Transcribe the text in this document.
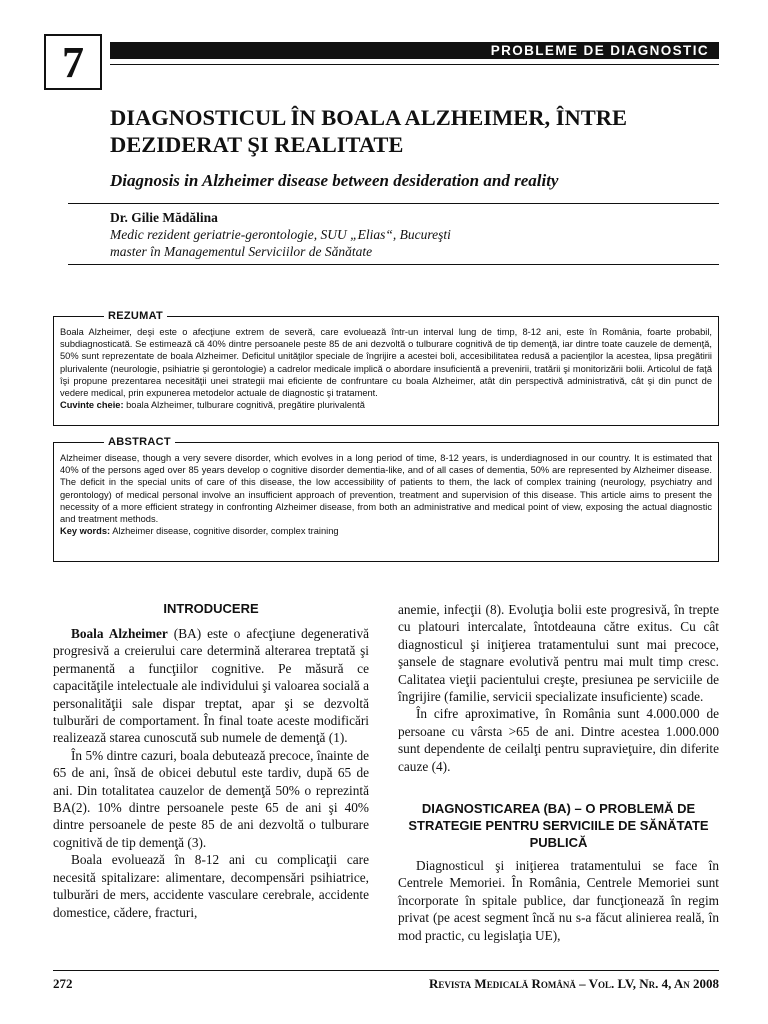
7	PROBLEME DE DIAGNOSTIC
DIAGNOSTICUL ÎN BOALA ALZHEIMER, ÎNTRE DEZIDERAT ŞI REALITATE
Diagnosis in Alzheimer disease between desideration and reality
Dr. Gilie Mădălina
Medic rezident geriatrie-gerontologie, SUU „Elias“, Bucureşti
master în Managementul Serviciilor de Sănătate
REZUMAT

Boala Alzheimer, deşi este o afecţiune extrem de severă, care evoluează într-un interval lung de timp, 8-12 ani, este în România, foarte probabil, subdiagnosticată. Se estimează că 40% dintre persoanele peste 85 de ani dezvoltă o tulburare cognitivă de tip demenţă, iar dintre toate cauzele de demenţă, 50% sunt reprezentate de boala Alzheimer. Deficitul unităţilor speciale de îngrijire a acestei boli, accesibilitatea redusă a pacienţilor la acestea, lipsa pregătirii plurivalente (neurologie, psihiatrie şi gerontologie) a cadrelor medicale implică o abordare insuficientă a prevenirii, tratării şi monitorizării bolii. Articolul de faţă îşi propune prezentarea necesităţii unei strategii mai eficiente de confruntare cu boala Alzheimer, atât din perspectivă administrativă, cât şi din punct de vedere medical, prin expunerea metodelor actuale de diagnostic şi tratament.

Cuvinte cheie: boala Alzheimer, tulburare cognitivă, pregătire plurivalentă

ABSTRACT

Alzheimer disease, though a very severe disorder, which evolves in a long period of time, 8-12 years, is underdiagnosed in our country. It is estimated that 40% of the persons aged over 85 years develop o cognitive disorder dementia-like, and of all cases of dementia, 50% are represented by Alzheimer disease. The deficit in the special units of care of this disease, the low accessibility of patients to them, the lack of complex training (neurology, psychiatry and gerontology) of medical personal involve an insufficient approach of prevention, treatment and supervision of this disease. This article aims to present the necessity of a more efficient strategy in confronting Alzheimer disease, from both an administrative and medical point of view, exposing the actual diagnostic and treatment methods.

Key words: Alzheimer disease, cognitive disorder, complex training

INTRODUCERE

Boala Alzheimer (BA) este o afecţiune degenerativă progresivă a creierului care determină alterarea treptată şi permanentă a funcţiilor cognitive. Pe măsură ce capacităţile intelectuale ale individului şi valoarea socială a personalităţii sale dispar treptat, apar şi se dezvoltă tulburări de comportament. În final toate aceste modificări realizează starea cunoscută sub numele de demenţă (1).

În 5% dintre cazuri, boala debutează precoce, înainte de 65 de ani, însă de obicei debutul este tardiv, după 65 de ani. Din totalitatea cauzelor de demenţă 50% o reprezintă BA(2). 10% dintre persoanele peste 65 de ani şi 40% dintre persoanele de peste 85 de ani dezvoltă o tulburare cognitivă de tip demenţă (3).

Boala evoluează în 8-12 ani cu complicaţii care necesită spitalizare: alimentare, decompensări psihiatrice, tulburări de mers, accidente vasculare cerebrale, accidente domestice, cădere, fracturi,

anemie, infecţii (8). Evoluţia bolii este progresivă, în trepte cu platouri intercalate, întotdeauna către exitus. Cu cât diagnosticul şi iniţierea tratamentului sunt mai precoce, şansele de stagnare evolutivă pentru mai mult timp cresc. Calitatea vieţii pacientului creşte, presiunea pe serviciile de îngrijire (familie, servicii specializate insuficiente) scade.

În cifre aproximative, în România sunt 4.000.000 de persoane cu vârsta >65 de ani. Dintre acestea 1.000.000 sunt dependente de ceilalţi pentru supravieţuire, din diferite cauze (4).

DIAGNOSTICAREA (BA) – O PROBLEMĂ DE STRATEGIE PENTRU SERVICIILE DE SĂNĂTATE PUBLICĂ

Diagnosticul şi iniţierea tratamentului se face în Centrele Memoriei. În România, Centrele Memoriei sunt încorporate în spitale publice, dar funcţionează în regim privat (pe acest segment încă nu s-a făcut alinierea reală, în mod practic, cu legislaţia UE),

272	Revista Medicală Română – Vol. LV, Nr. 4, An 2008
